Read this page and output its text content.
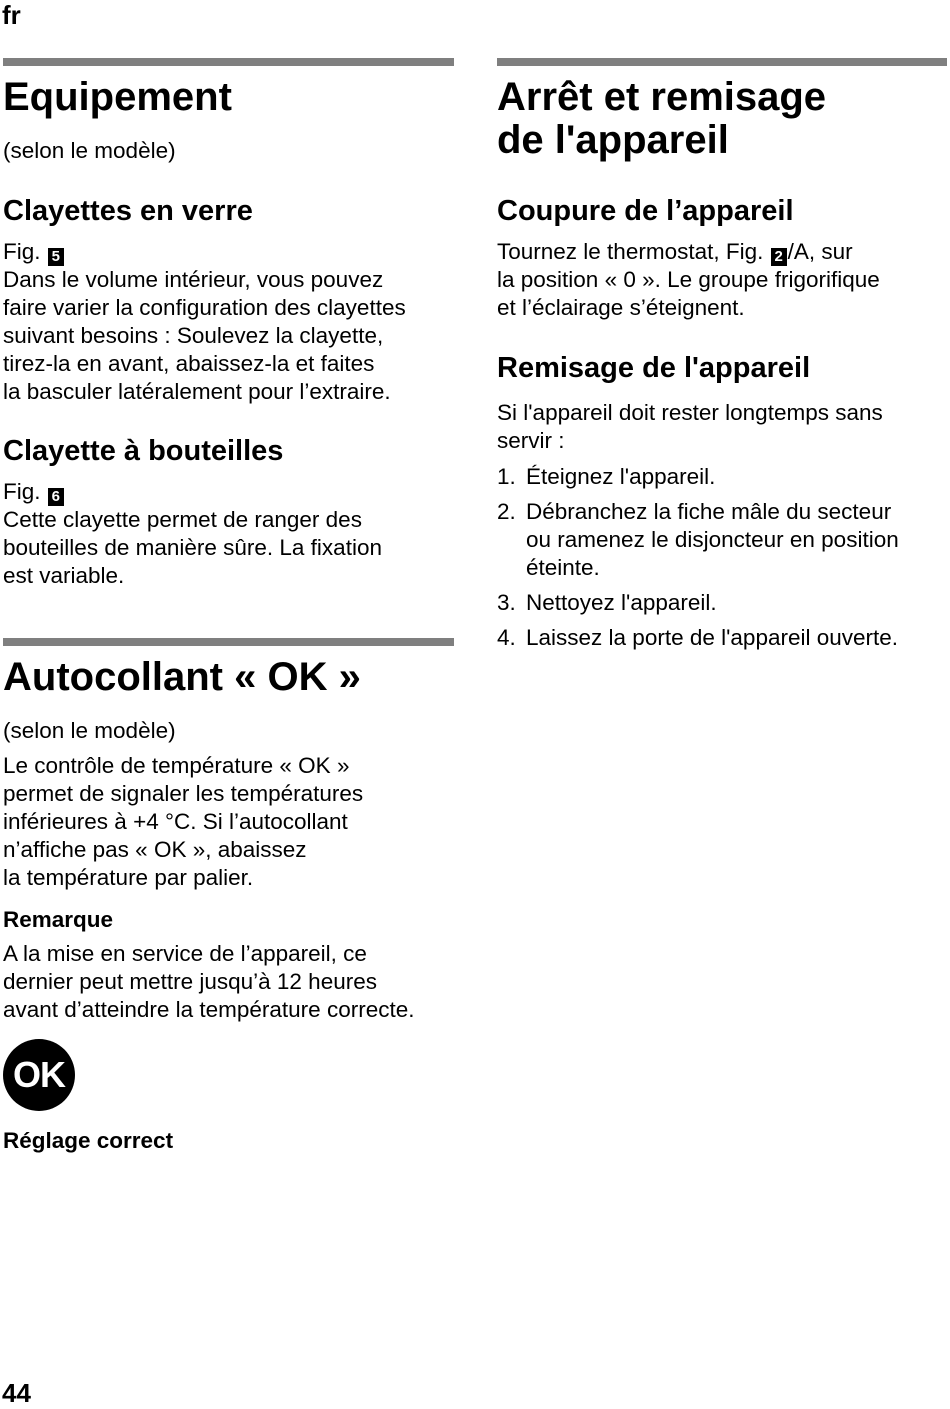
fr
44
Equipement

(selon le modèle)

Clayettes en verre
Fig. 5
Dans le volume intérieur, vous pouvez
faire varier la configuration des clayettes
suivant besoins : Soulevez la clayette,
tirez-la en avant, abaissez-la et faites
la basculer latéralement pour l’extraire.
Clayette à bouteilles
Fig. 6
Cette clayette permet de ranger des
bouteilles de manière sûre. La fixation
est variable.
Autocollant « OK »

(selon le modèle)

Le contrôle de température « OK »
permet de signaler les températures
inférieures à +4 °C. Si l’autocollant
n’affiche pas « OK », abaissez
la température par palier.

Remarque

A la mise en service de l’appareil, ce
dernier peut mettre jusqu’à 12 heures
avant d’atteindre la température correcte.
OK
Réglage correct
Arrêt et remisage
de l'appareil
Coupure de l’appareil
Tournez le thermostat, Fig. 2 /A, sur
la position « 0 ». Le groupe frigorifique
et l’éclairage s’éteignent.
Remisage de l'appareil
Si l'appareil doit rester longtemps sans
servir :
1. Éteignez l'appareil.
2. Débranchez la fiche mâle du secteur
ou ramenez le disjoncteur en position
éteinte.
3. Nettoyez l'appareil.
4. Laissez la porte de l'appareil ouverte.
